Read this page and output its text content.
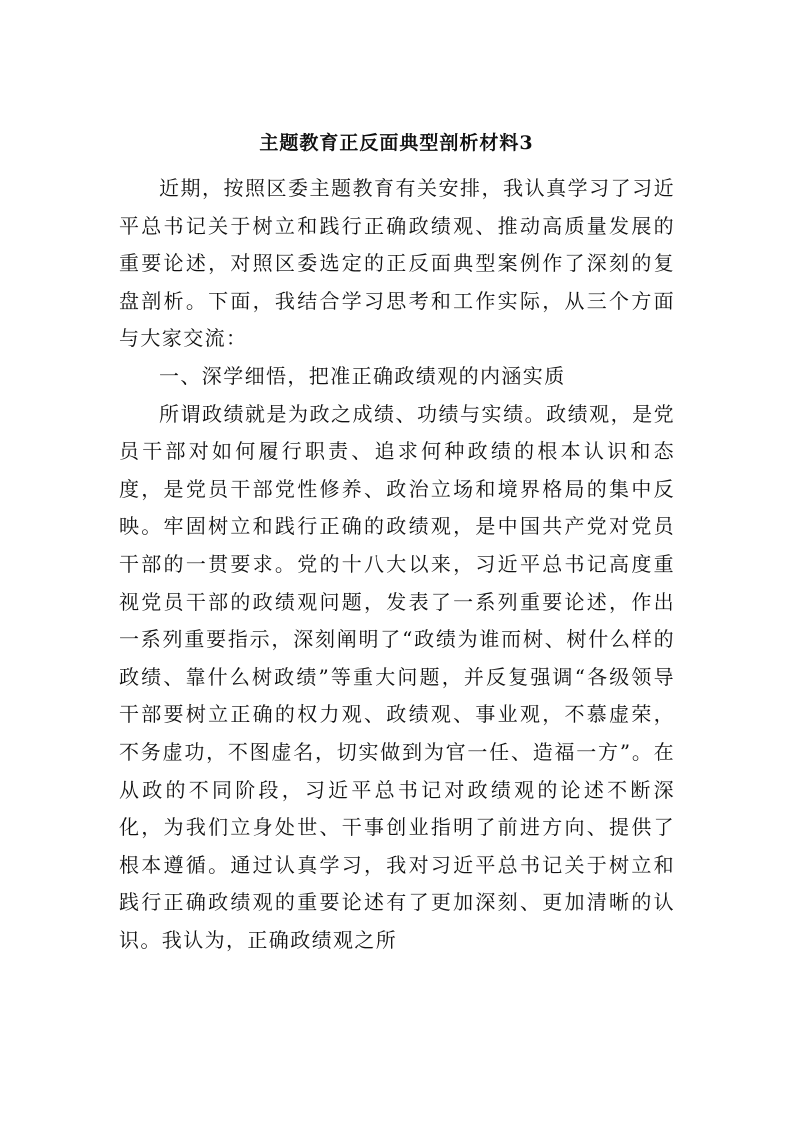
主题教育正反面典型剖析材料3

近期，按照区委主题教育有关安排，我认真学习了习近平总书记关于树立和践行正确政绩观、推动高质量发展的重要论述，对照区委选定的正反面典型案例作了深刻的复盘剖析。下面，我结合学习思考和工作实际，从三个方面与大家交流：

一、深学细悟，把准正确政绩观的内涵实质

所谓政绩就是为政之成绩、功绩与实绩。政绩观，是党员干部对如何履行职责、追求何种政绩的根本认识和态度，是党员干部党性修养、政治立场和境界格局的集中反映。牢固树立和践行正确的政绩观，是中国共产党对党员干部的一贯要求。党的十八大以来，习近平总书记高度重视党员干部的政绩观问题，发表了一系列重要论述，作出一系列重要指示，深刻阐明了“政绩为谁而树、树什么样的政绩、靠什么树政绩”等重大问题，并反复强调“各级领导干部要树立正确的权力观、政绩观、事业观，不慕虚荣，不务虚功，不图虚名，切实做到为官一任、造福一方”。在从政的不同阶段，习近平总书记对政绩观的论述不断深化，为我们立身处世、干事创业指明了前进方向、提供了根本遵循。通过认真学习，我对习近平总书记关于树立和践行正确政绩观的重要论述有了更加深刻、更加清晰的认识。我认为，正确政绩观之所
